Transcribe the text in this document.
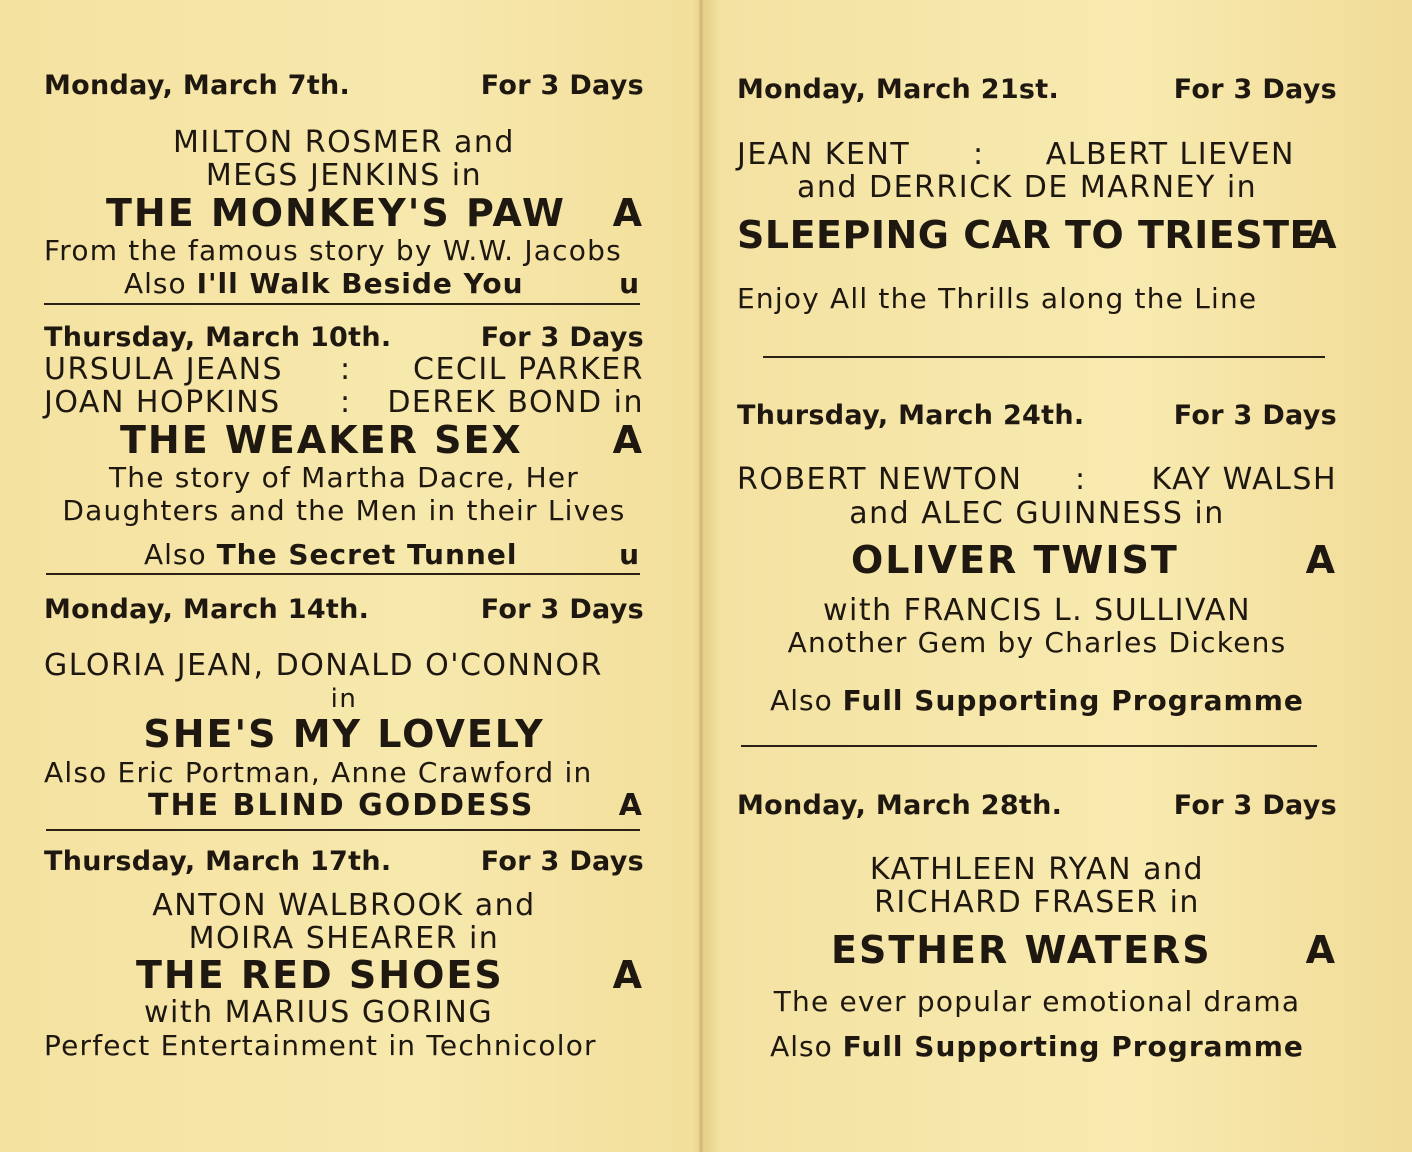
Monday, March 7th.	For 3 Days
MILTON ROSMER and
MEGS JENKINS in
THE MONKEY'S PAW A
From the famous story by W.W. Jacobs
Also I'll Walk Beside You	u
Thursday, March 10th.	For 3 Days
URSULA JEANS : CECIL PARKER
JOAN HOPKINS : DEREK BOND in
THE WEAKER SEX A
The story of Martha Dacre, Her
Daughters and the Men in their Lives
Also The Secret Tunnel	u
Monday, March 14th.	For 3 Days
GLORIA JEAN, DONALD O'CONNOR
in
SHE'S MY LOVELY
Also Eric Portman, Anne Crawford in
THE BLIND GODDESS	A
Thursday, March 17th.	For 3 Days
ANTON WALBROOK and
MOIRA SHEARER in
THE RED SHOES	A
with MARIUS GORING
Perfect Entertainment in Technicolor
Monday, March 21st.	For 3 Days
JEAN KENT : ALBERT LIEVEN
and DERRICK DE MARNEY in
SLEEPING CAR TO TRIESTE
A
Enjoy All the Thrills along the Line
Thursday, March 24th.	For 3 Days
ROBERT NEWTON : KAY WALSH
and ALEC GUINNESS in
OLIVER TWIST	A
with FRANCIS L. SULLIVAN
Another Gem by Charles Dickens
Also Full Supporting Programme
Monday, March 28th.	For 3 Days
KATHLEEN RYAN and
RICHARD FRASER in
ESTHER WATERS A
The ever popular emotional drama
Also Full Supporting Programme
